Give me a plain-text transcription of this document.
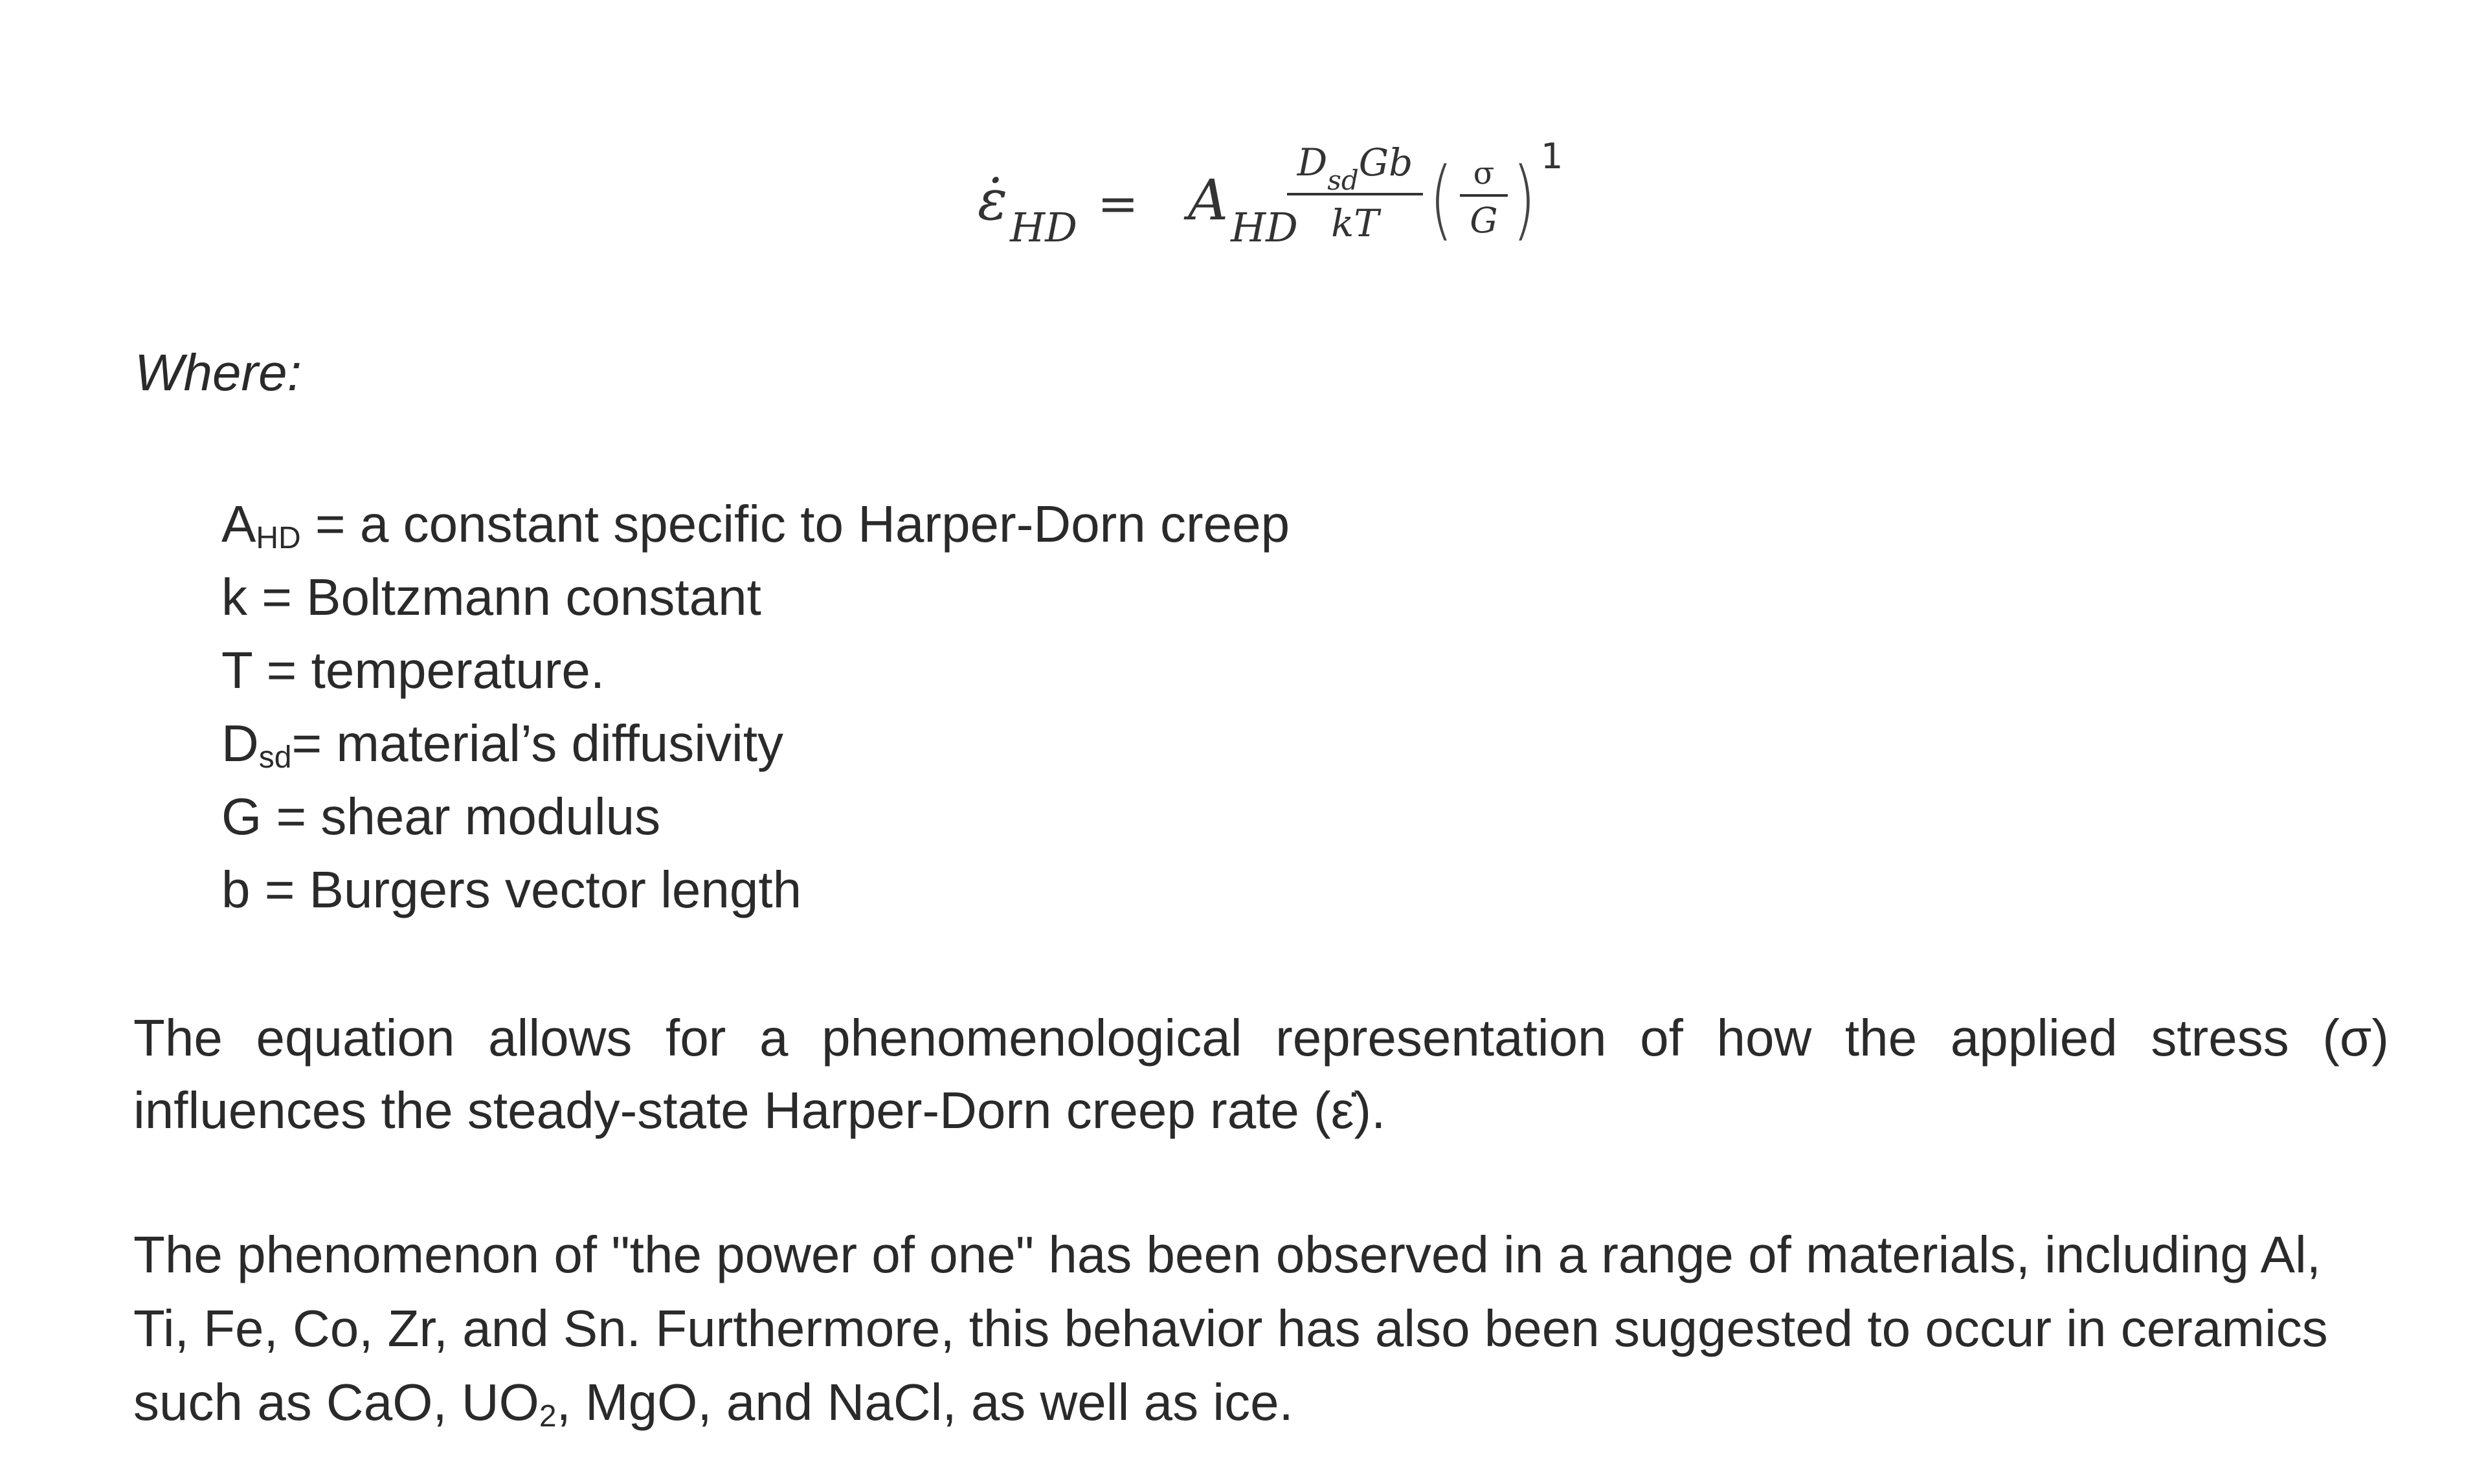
$\varepsiloṅ_{HD} = A_{HD}$
$D_{sd}Gb$
kT ( σ
G ) 1
Where:
$A_{HD} = a$ constant specific to Harper-Dorn creep
k = Boltzmann constant
T = temperature.
$D_{sd}=$ material’s diffusivity
G = shear modulus
b = Burgers vector length

The equation allows for a phenomenological representation of how the applied stress (σ)
influences the steady-state Harper-Dorn creep rate (ε̇).

The phenomenon of "the power of one" has been observed in a range of materials, including Al,
Ti, Fe, Co, Zr, and Sn. Furthermore, this behavior has also been suggested to occur in ceramics
such as CaO, $UO_2$, MgO, and NaCl, as well as ice.
